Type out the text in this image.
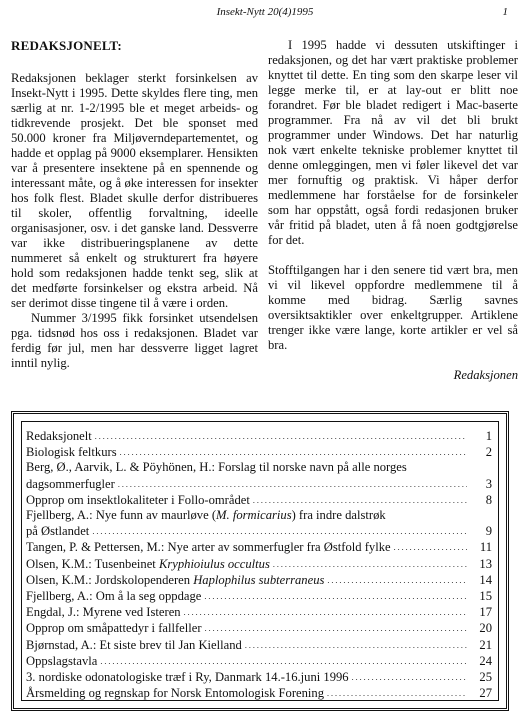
Insekt-Nytt 20(4)1995	1
REDAKSJONELT:

Redaksjonen beklager sterkt forsinkelsen av Insekt-Nytt i 1995. Dette skyldes flere ting, men særlig at nr. 1-2/1995 ble et meget arbeids- og tidkrevende prosjekt. Det ble sponset med 50.000 kroner fra Miljøverndepartementet, og hadde et opplag på 9000 eksemplarer. Hensikten var å presentere insektene på en spennende og interessant måte, og å øke interessen for insekter hos folk flest. Bladet skulle derfor distribueres til skoler, offentlig forvaltning, ideelle organisasjoner, osv. i det ganske land. Dessverre var ikke distribueringsplanene av dette nummeret så enkelt og strukturert fra høyere hold som redaksjonen hadde tenkt seg, slik at det medførte forsinkelser og ekstra arbeid. Nå ser derimot disse tingene til å være i orden.

Nummer 3/1995 fikk forsinket utsendelsen pga. tidsnød hos oss i redaksjonen. Bladet var ferdig før jul, men har dessverre ligget lagret inntil nylig.

I 1995 hadde vi dessuten utskiftinger i redaksjonen, og det har vært praktiske problemer knyttet til dette. En ting som den skarpe leser vil legge merke til, er at lay-out er blitt noe forandret. Før ble bladet redigert i Mac-baserte programmer. Fra nå av vil det bli brukt programmer under Windows. Det har naturlig nok vært enkelte tekniske problemer knyttet til denne omleggingen, men vi føler likevel det var mer fornuftig og praktisk. Vi håper derfor medlemmene har forståelse for de forsinkeler som har oppstått, også fordi redasjonen bruker vår fritid på bladet, uten å få noen godtgjørelse for det.

Stofftilgangen har i den senere tid vært bra, men vi vil likevel oppfordre medlemmene til å komme med bidrag. Særlig savnes oversiktsaktikler over enkeltgrupper. Artiklene trenger ikke være lange, korte artikler er vel så bra.

Redaksjonen

Redaksjonelt . . .	1
Biologisk feltkurs . . .	2
Berg, Ø., Aarvik, L. & Pöyhönen, H.: Forslag til norske navn på alle norges
dagsommerfugler . . .	3
Opprop om insektlokaliteter i Follo-området . . .	8
Fjellberg, A.: Nye funn av maurløve (M. formicarius) fra indre dalstrøk
på Østlandet . . .	9
Tangen, P. & Pettersen, M.: Nye arter av sommerfugler fra Østfold fylke . . .	11
Olsen, K.M.: Tusenbeinet Kryphioiulus occultus . . .	13
Olsen, K.M.: Jordskolopenderen Haplophilus subterraneus . . .	14
Fjellberg, A.: Om å la seg oppdage . . .	15
Engdal, J.: Myrene ved Isteren . . .	17
Opprop om småpattedyr i fallfeller . . .	20
Bjørnstad, A.: Et siste brev til Jan Kielland . . .	21
Oppslagstavla . . .	24
3. nordiske odonatologiske træf i Ry, Danmark 14.-16.juni 1996 . . .	25
Årsmelding og regnskap for Norsk Entomologisk Forening . . .	27
